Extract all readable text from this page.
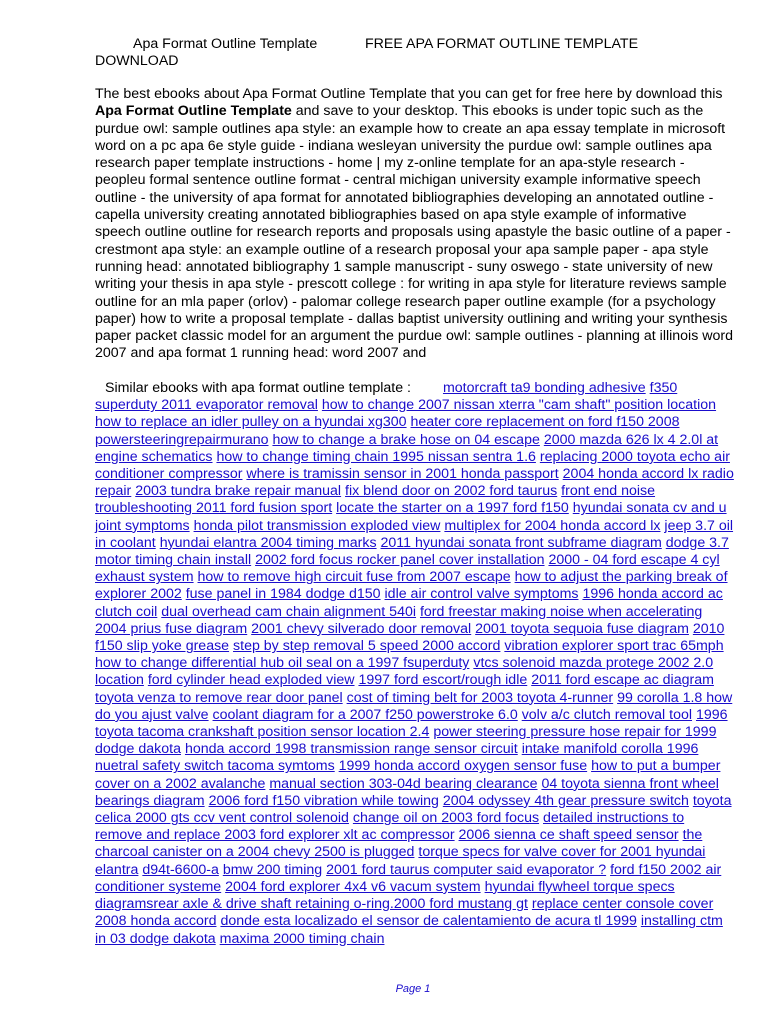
Apa Format Outline Template	FREE APA FORMAT OUTLINE TEMPLATE
DOWNLOAD
The best ebooks about Apa Format Outline Template that you can get for free here by download this Apa Format Outline Template and save to your desktop. This ebooks is under topic such as the purdue owl: sample outlines apa style: an example how to create an apa essay template in microsoft word on a pc apa 6e style guide - indiana wesleyan university the purdue owl: sample outlines apa research paper template instructions - home | my z-online template for an apa-style research - peopleu formal sentence outline format - central michigan university example informative speech outline - the university of apa format for annotated bibliographies developing an annotated outline - capella university creating annotated bibliographies based on apa style example of informative speech outline outline for research reports and proposals using apastyle the basic outline of a paper - crestmont apa style: an example outline of a research proposal your apa sample paper - apa style running head: annotated bibliography 1 sample manuscript - suny oswego - state university of new writing your thesis in apa style - prescott college : for writing in apa style for literature reviews sample outline for an mla paper (orlov) - palomar college research paper outline example (for a psychology paper) how to write a proposal template - dallas baptist university outlining and writing your synthesis paper packet classic model for an argument the purdue owl: sample outlines - planning at illinois word 2007 and apa format 1 running head: word 2007 and
Similar ebooks with apa format outline template : motorcraft ta9 bonding adhesive f350 superduty 2011 evaporator removal how to change 2007 nissan xterra "cam shaft" position location how to replace an idler pulley on a hyundai xg300 heater core replacement on ford f150 2008 powersteeringrepairmurano how to change a brake hose on 04 escape 2000 mazda 626 lx 4 2.0l at engine schematics how to change timing chain 1995 nissan sentra 1.6 replacing 2000 toyota echo air conditioner compressor where is tramissin sensor in 2001 honda passport 2004 honda accord lx radio repair 2003 tundra brake repair manual fix blend door on 2002 ford taurus front end noise troubleshooting 2011 ford fusion sport locate the starter on a 1997 ford f150 hyundai sonata cv and u joint symptoms honda pilot transmission exploded view multiplex for 2004 honda accord lx jeep 3.7 oil in coolant hyundai elantra 2004 timing marks 2011 hyundai sonata front subframe diagram dodge 3.7 motor timing chain install 2002 ford focus rocker panel cover installation 2000 - 04 ford escape 4 cyl exhaust system how to remove high circuit fuse from 2007 escape how to adjust the parking break of explorer 2002 fuse panel in 1984 dodge d150 idle air control valve symptoms 1996 honda accord ac clutch coil dual overhead cam chain alignment 540i ford freestar making noise when accelerating 2004 prius fuse diagram 2001 chevy silverado door removal 2001 toyota sequoia fuse diagram 2010 f150 slip yoke grease step by step removal 5 speed 2000 accord vibration explorer sport trac 65mph how to change differential hub oil seal on a 1997 fsuperduty vtcs solenoid mazda protege 2002 2.0 location ford cylinder head exploded view 1997 ford escort/rough idle 2011 ford escape ac diagram toyota venza to remove rear door panel cost of timing belt for 2003 toyota 4-runner 99 corolla 1.8 how do you ajust valve coolant diagram for a 2007 f250 powerstroke 6.0 volv a/c clutch removal tool 1996 toyota tacoma crankshaft position sensor location 2.4 power steering pressure hose repair for 1999 dodge dakota honda accord 1998 transmission range sensor circuit intake manifold corolla 1996 nuetral safety switch tacoma symtoms 1999 honda accord oxygen sensor fuse how to put a bumper cover on a 2002 avalanche manual section 303-04d bearing clearance 04 toyota sienna front wheel bearings diagram 2006 ford f150 vibration while towing 2004 odyssey 4th gear pressure switch toyota celica 2000 gts ccv vent control solenoid change oil on 2003 ford focus detailed instructions to remove and replace 2003 ford explorer xlt ac compressor 2006 sienna ce shaft speed sensor the charcoal canister on a 2004 chevy 2500 is plugged torque specs for valve cover for 2001 hyundai elantra d94t-6600-a bmw 200 timing 2001 ford taurus computer said evaporator ? ford f150 2002 air conditioner systeme 2004 ford explorer 4x4 v6 vacum system hyundai flywheel torque specs diagramsrear axle & drive shaft retaining o-ring.2000 ford mustang gt replace center console cover 2008 honda accord donde esta localizado el sensor de calentamiento de acura tl 1999 installing ctm in 03 dodge dakota maxima 2000 timing chain
Page 1
